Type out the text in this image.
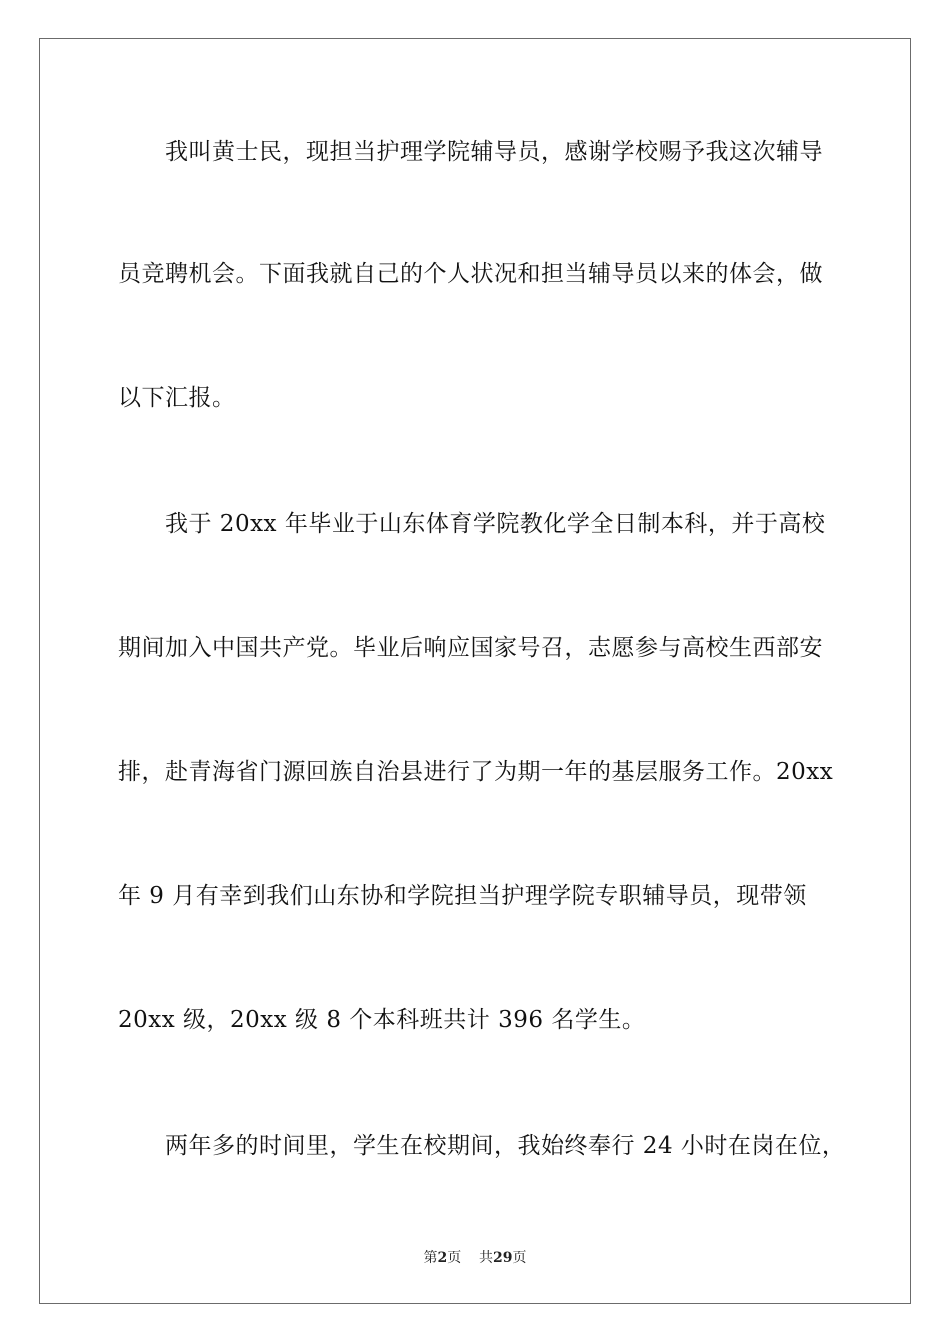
我叫黄士民，现担当护理学院辅导员，感谢学校赐予我这次辅导
员竞聘机会。下面我就自己的个人状况和担当辅导员以来的体会，做
以下汇报。
我于 20xx 年毕业于山东体育学院教化学全日制本科，并于高校
期间加入中国共产党。毕业后响应国家号召，志愿参与高校生西部安
排，赴青海省门源回族自治县进行了为期一年的基层服务工作。20xx
年 9 月有幸到我们山东协和学院担当护理学院专职辅导员，现带领
20xx 级，20xx 级 8 个本科班共计 396 名学生。
两年多的时间里，学生在校期间，我始终奉行 24 小时在岗在位，
第2页 共29页
